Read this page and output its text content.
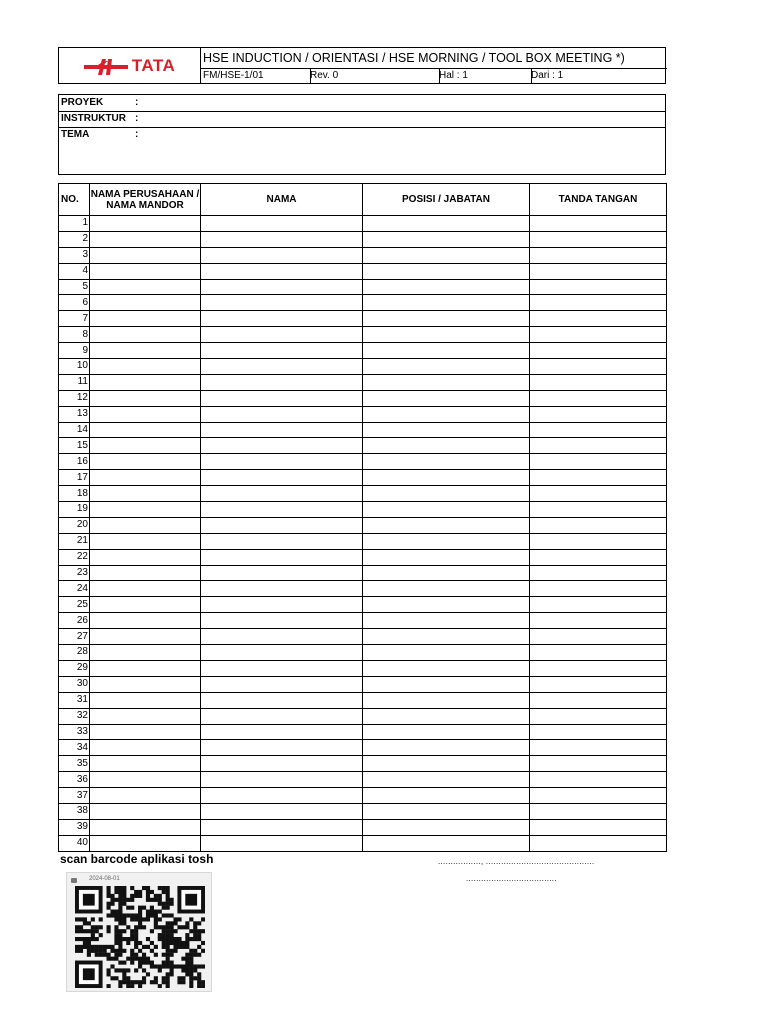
TATA HSE INDUCTION / ORIENTASI / HSE MORNING / TOOL BOX MEETING *)
FM/HSE-1/01	Rev. 0	Hal : 1	Dari : 1
PROYEK	:
INSTRUKTUR :
TEMA	:
NO.	NAMA PERUSAHAAN / NAMA MANDOR	NAMA	POSISI / JABATAN	TANDA TANGAN
1				
2				
3				
4				
5				
6				
7				
8				
9				
10				
11				
12				
13				
14				
15				
16				
17				
18				
19				
20				
21				
22				
23				
24				
25				
26				
27				
28				
29				
30				
31				
32				
33				
34				
35				
36				
37				
38				
39				
40				
scan barcode aplikasi tosh	................., ...........................................
....................................
2024-08-01
